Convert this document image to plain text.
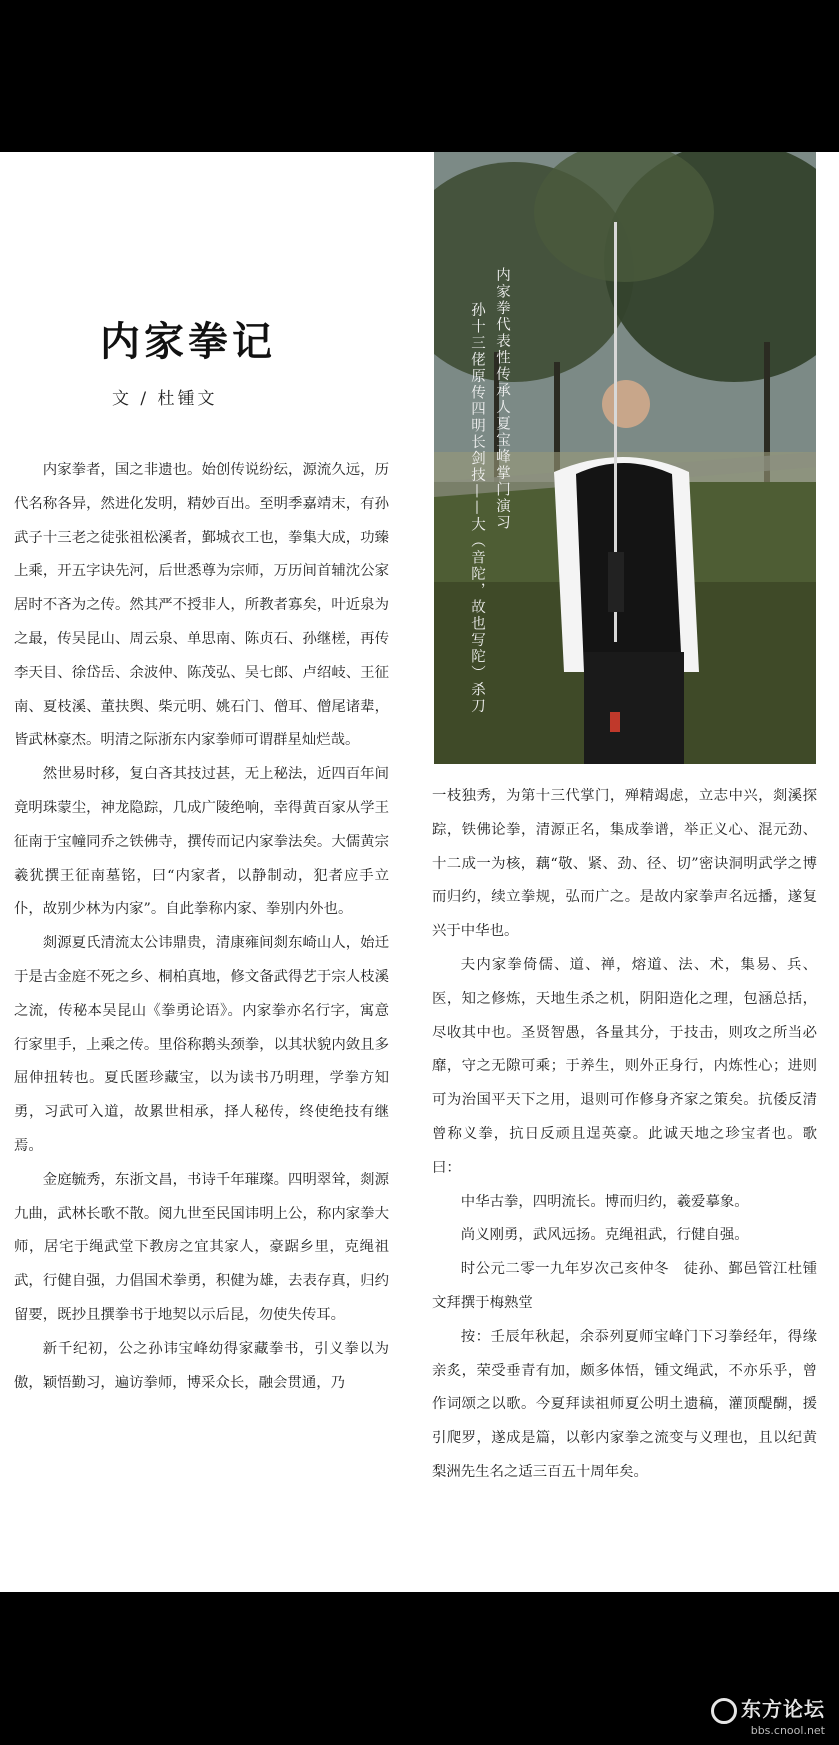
内家拳记
文 / 杜锺文

内家拳者，国之非遗也。始创传说纷纭，源流久远，历代名称各异，然进化发明，精妙百出。至明季嘉靖末，有孙武子十三老之徒张祖松溪者，鄞城衣工也，拳集大成，功臻上乘，开五字诀先河，后世悉尊为宗师，万历间首辅沈公家居时不吝为之传。然其严不授非人，所教者寡矣，叶近泉为之最，传吴昆山、周云泉、单思南、陈贞石、孙继槎，再传李天目、徐岱岳、余波仲、陈茂弘、吴七郎、卢绍岐、王征南、夏枝溪、董扶舆、柴元明、姚石门、僧耳、僧尾诸辈，皆武林豪杰。明清之际浙东内家拳师可谓群星灿烂哉。

然世易时移，复白吝其技过甚，无上秘法，近四百年间竟明珠蒙尘，神龙隐踪，几成广陵绝响，幸得黄百家从学王征南于宝幢同乔之铁佛寺，撰传而记内家拳法矣。大儒黄宗羲犹撰王征南墓铭，曰“内家者，以静制动，犯者应手立仆，故别少林为内家”。自此拳称内家、拳别内外也。

剡源夏氏清流太公讳鼎贵，清康雍间剡东崎山人，始迁于是古金庭不死之乡、桐柏真地，修文备武得艺于宗人枝溪之流，传秘本吴昆山《拳勇论语》。内家拳亦名行字，寓意行家里手，上乘之传。里俗称鹅头颈拳，以其状貌内敛且多屈伸扭转也。夏氏匿珍藏宝，以为读书乃明理，学拳方知勇，习武可入道，故累世相承，择人秘传，终使绝技有继焉。

金庭毓秀，东浙文昌，书诗千年璀璨。四明翠耸，剡源九曲，武林长歌不散。阅九世至民国讳明上公，称内家拳大师，居宅于绳武堂下教房之宜其家人，豪踞乡里，克绳祖武，行健自强，力倡国术拳勇，积健为雄，去表存真，归约留要，既抄且撰拳书于地契以示后昆，勿使失传耳。

新千纪初，公之孙讳宝峰幼得家藏拳书，引义拳以为傲，颖悟勤习，遍访拳师，博采众长，融会贯通，乃

内家拳代表性传承人夏宝峰掌门演习
孙十三佬原传四明长剑技——大（音陀，故也写陀）杀刀

一枝独秀，为第十三代掌门，殚精竭虑，立志中兴，剡溪探踪，铁佛论拳，清源正名，集成拳谱，举正义心、混元劲、十二成一为核，藕“敬、紧、劲、径、切”密诀洞明武学之博而归约，续立拳规，弘而广之。是故内家拳声名远播，遂复兴于中华也。

夫内家拳倚儒、道、禅，熔道、法、术，集易、兵、医，知之修炼，天地生杀之机，阴阳造化之理，包涵总括，尽收其中也。圣贤智愚，各量其分，于技击，则攻之所当必靡，守之无隙可乘；于养生，则外正身行，内炼性心；进则可为治国平天下之用，退则可作修身齐家之策矣。抗倭反清曾称义拳，抗日反顽且逞英豪。此诚天地之珍宝者也。歌曰：

中华古拳，四明流长。博而归约，羲爱摹象。

尚义刚勇，武风远扬。克绳祖武，行健自强。

时公元二零一九年岁次己亥仲冬　徒孙、鄞邑管江杜锺文拜撰于梅熟堂

按：壬辰年秋起，余忝列夏师宝峰门下习拳经年，得缘亲炙，荣受垂青有加，颇多体悟，锺文绳武，不亦乐乎，曾作词颂之以歌。今夏拜读祖师夏公明土遗稿，灌顶醍醐，援引爬罗，遂成是篇，以彰内家拳之流变与义理也，且以纪黄梨洲先生名之适三百五十周年矣。

东方论坛
bbs.cnool.net
